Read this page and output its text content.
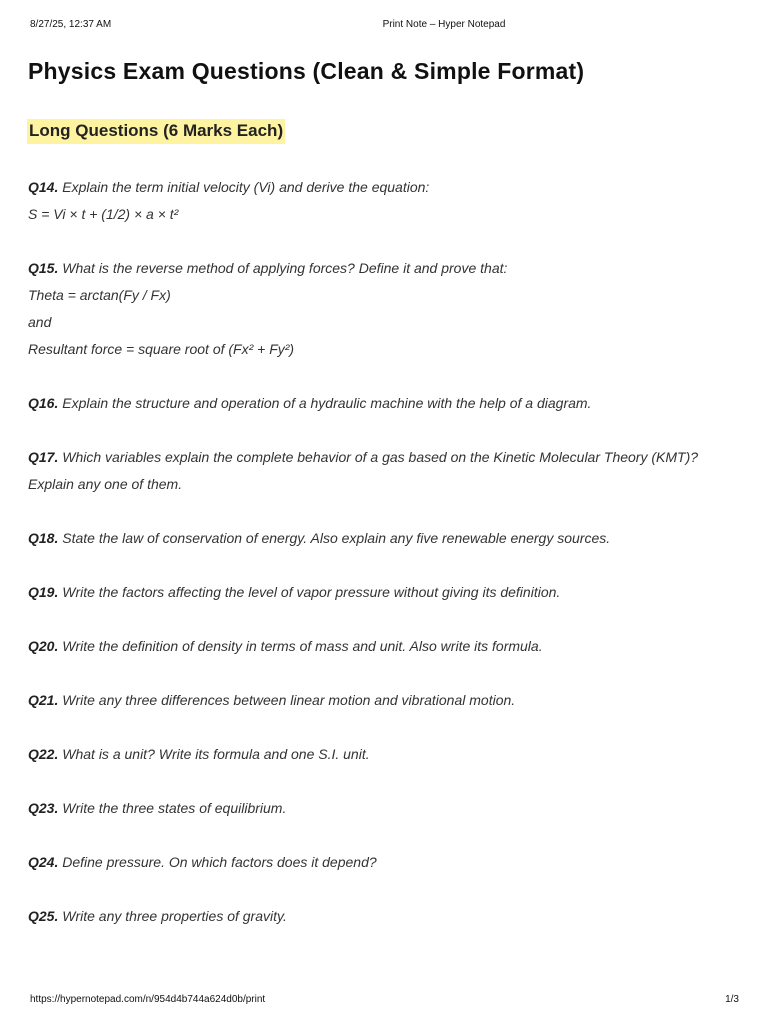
8/27/25, 12:37 AM	Print Note – Hyper Notepad
Physics Exam Questions (Clean & Simple Format)
Long Questions (6 Marks Each)

Q14. Explain the term initial velocity (Vi) and derive the equation:
S = Vi × t + (1/2) × a × t²

Q15. What is the reverse method of applying forces? Define it and prove that:
Theta = arctan(Fy / Fx)
and
Resultant force = square root of (Fx² + Fy²)

Q16. Explain the structure and operation of a hydraulic machine with the help of a diagram.

Q17. Which variables explain the complete behavior of a gas based on the Kinetic Molecular Theory (KMT)? Explain any one of them.

Q18. State the law of conservation of energy. Also explain any five renewable energy sources.

Q19. Write the factors affecting the level of vapor pressure without giving its definition.

Q20. Write the definition of density in terms of mass and unit. Also write its formula.

Q21. Write any three differences between linear motion and vibrational motion.

Q22. What is a unit? Write its formula and one S.I. unit.

Q23. Write the three states of equilibrium.

Q24. Define pressure. On which factors does it depend?

Q25. Write any three properties of gravity.

https://hypernotepad.com/n/954d4b744a624d0b/print	1/3
